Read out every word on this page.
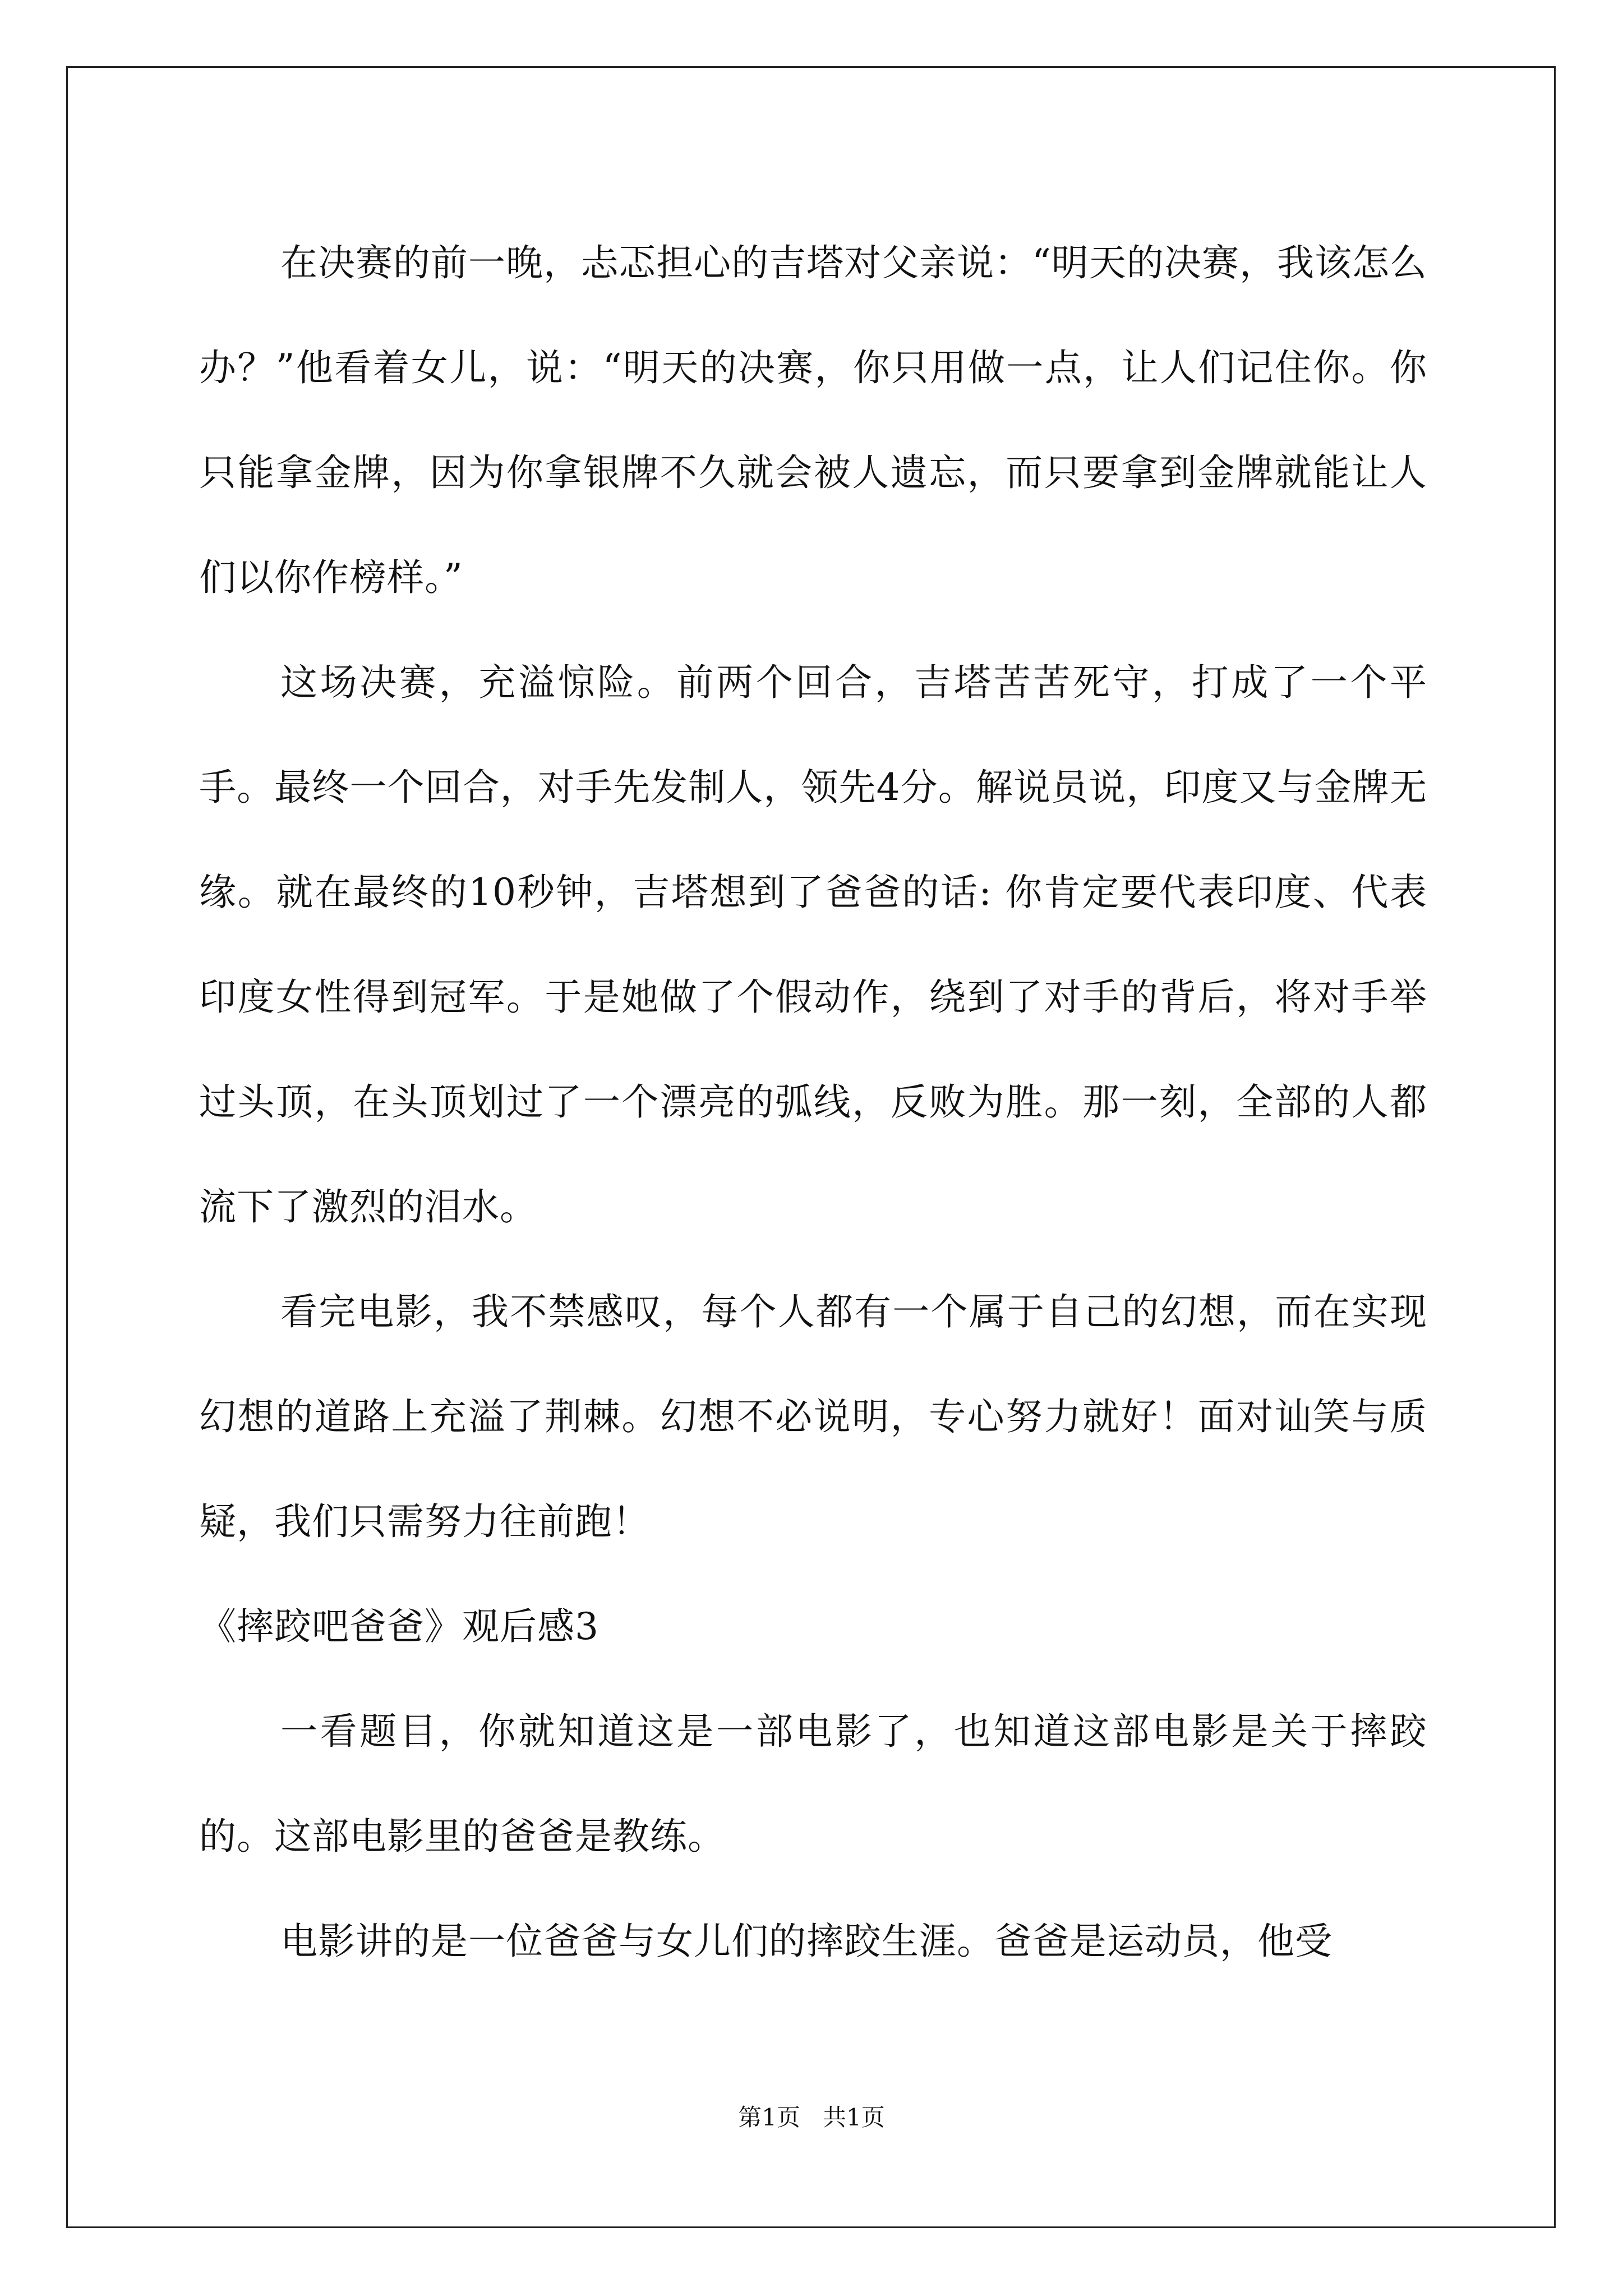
在决赛的前一晚，忐忑担心的吉塔对父亲说：“明天的决赛，我该怎么办？”他看着女儿，说：“明天的决赛，你只用做一点，让人们记住你。你只能拿金牌，因为你拿银牌不久就会被人遗忘，而只要拿到金牌就能让人们以你作榜样。”

这场决赛，充溢惊险。前两个回合，吉塔苦苦死守，打成了一个平手。最终一个回合，对手先发制人，领先4分。解说员说，印度又与金牌无缘。就在最终的10秒钟，吉塔想到了爸爸的话: 你肯定要代表印度、代表印度女性得到冠军。于是她做了个假动作，绕到了对手的背后，将对手举过头顶，在头顶划过了一个漂亮的弧线，反败为胜。那一刻，全部的人都流下了激烈的泪水。

看完电影，我不禁感叹，每个人都有一个属于自己的幻想，而在实现幻想的道路上充溢了荆棘。幻想不必说明，专心努力就好！面对讪笑与质疑，我们只需努力往前跑！

《摔跤吧爸爸》观后感3

一看题目，你就知道这是一部电影了，也知道这部电影是关于摔跤的。这部电影里的爸爸是教练。

电影讲的是一位爸爸与女儿们的摔跤生涯。爸爸是运动员，他受

第1页 共1页
